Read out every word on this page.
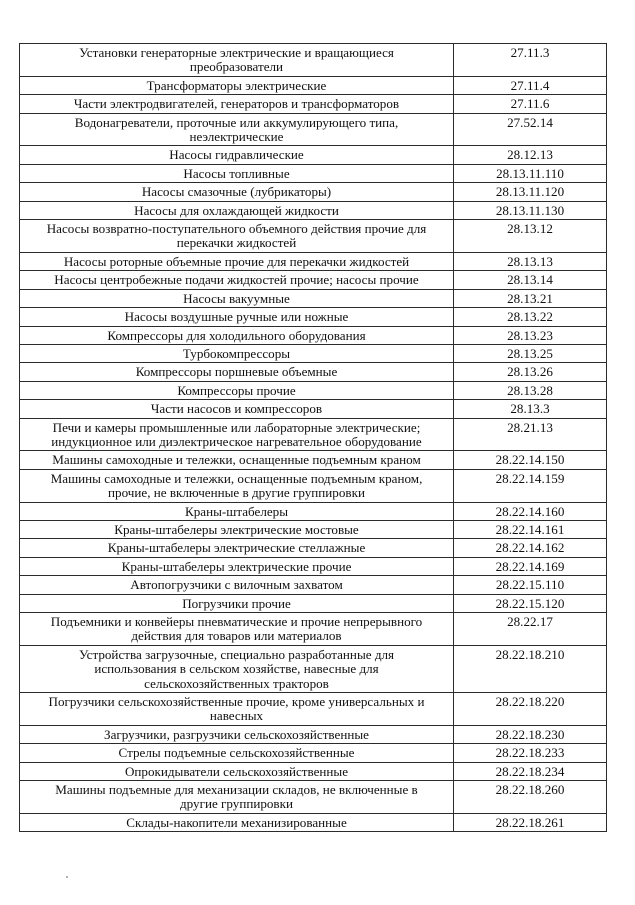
Установки генераторные электрические и вращающиеся
преобразователи	27.11.3

Трансформаторы электрические	27.11.4

Части электродвигателей, генераторов и трансформаторов	27.11.6

Водонагреватели, проточные или аккумулирующего типа,
неэлектрические	27.52.14

Насосы гидравлические	28.12.13

Насосы топливные	28.13.11.110

Насосы смазочные (лубрикаторы)	28.13.11.120

Насосы для охлаждающей жидкости	28.13.11.130

Насосы возвратно-поступательного объемного действия прочие для
перекачки жидкостей	28.13.12

Насосы роторные объемные прочие для перекачки жидкостей	28.13.13

Насосы центробежные подачи жидкостей прочие; насосы прочие	28.13.14

Насосы вакуумные	28.13.21

Насосы воздушные ручные или ножные	28.13.22

Компрессоры для холодильного оборудования	28.13.23

Турбокомпрессоры	28.13.25

Компрессоры поршневые объемные	28.13.26

Компрессоры прочие	28.13.28

Части насосов и компрессоров	28.13.3

Печи и камеры промышленные или лабораторные электрические;
индукционное или диэлектрическое нагревательное оборудование	28.21.13

Машины самоходные и тележки, оснащенные подъемным краном	28.22.14.150

Машины самоходные и тележки, оснащенные подъемным краном,
прочие, не включенные в другие группировки	28.22.14.159

Краны-штабелеры	28.22.14.160

Краны-штабелеры электрические мостовые	28.22.14.161

Краны-штабелеры электрические стеллажные	28.22.14.162

Краны-штабелеры электрические прочие	28.22.14.169

Автопогрузчики с вилочным захватом	28.22.15.110

Погрузчики прочие	28.22.15.120

Подъемники и конвейеры пневматические и прочие непрерывного
действия для товаров или материалов	28.22.17

Устройства загрузочные, специально разработанные для
использования в сельском хозяйстве, навесные для
сельскохозяйственных тракторов	28.22.18.210

Погрузчики сельскохозяйственные прочие, кроме универсальных и
навесных	28.22.18.220

Загрузчики, разгрузчики сельскохозяйственные	28.22.18.230

Стрелы подъемные сельскохозяйственные	28.22.18.233

Опрокидыватели сельскохозяйственные	28.22.18.234

Машины подъемные для механизации складов, не включенные в
другие группировки	28.22.18.260

Склады-накопители механизированные	28.22.18.261
